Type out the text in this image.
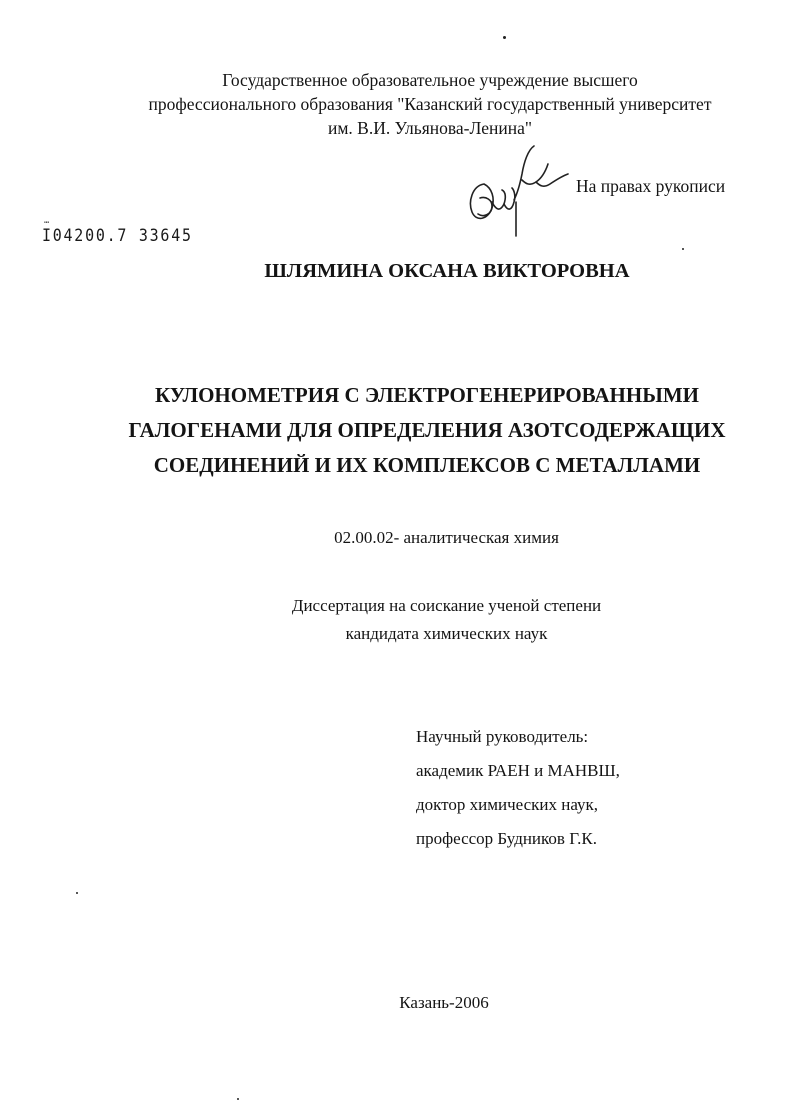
Государственное образовательное учреждение высшего
профессионального образования "Казанский государственный университет
им. В.И. Ульянова-Ленина"
На правах рукописи
⋯
I04200.7 33645
ШЛЯМИНА ОКСАНА ВИКТОРОВНА
КУЛОНОМЕТРИЯ С ЭЛЕКТРОГЕНЕРИРОВАННЫМИ
ГАЛОГЕНАМИ ДЛЯ ОПРЕДЕЛЕНИЯ АЗОТСОДЕРЖАЩИХ
СОЕДИНЕНИЙ И ИХ КОМПЛЕКСОВ С МЕТАЛЛАМИ
02.00.02- аналитическая химия
Диссертация на соискание ученой степени
кандидата химических наук
Научный руководитель:
академик РАЕН и МАНВШ,
доктор химических наук,
профессор Будников Г.К.
Казань-2006
